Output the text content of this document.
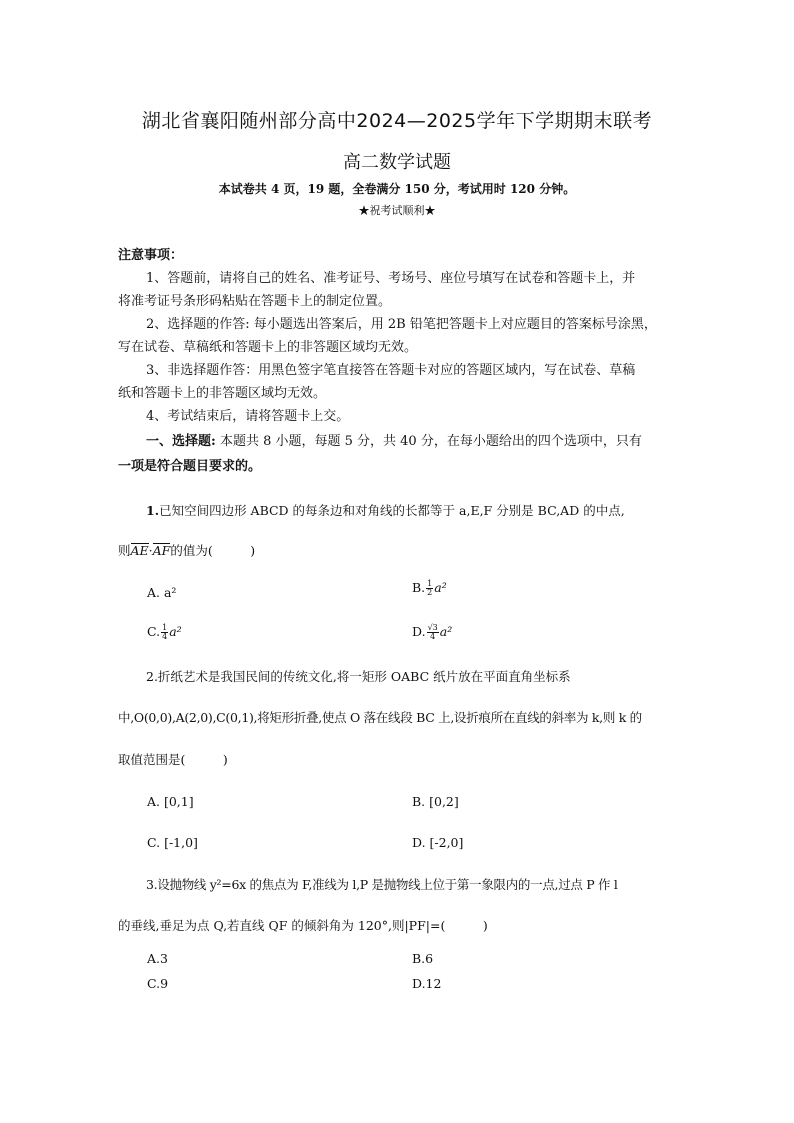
湖北省襄阳随州部分高中2024—2025学年下学期期末联考
高二数学试题
本试卷共 4 页，19 题，全卷满分 150 分，考试用时 120 分钟。
★祝考试顺利★
注意事项：
1、答题前，请将自己的姓名、准考证号、考场号、座位号填写在试卷和答题卡上，并
将准考证号条形码粘贴在答题卡上的制定位置。
2、选择题的作答: 每小题选出答案后，用 2B 铅笔把答题卡上对应题目的答案标号涂黑，
写在试卷、草稿纸和答题卡上的非答题区域均无效。
3、非选择题作答：用黑色签字笔直接答在答题卡对应的答题区域内，写在试卷、草稿
纸和答题卡上的非答题区域均无效。
4、考试结束后，请将答题卡上交。
一、选择题: 本题共 8 小题，每题 5 分，共 40 分，在每小题给出的四个选项中，只有
一项是符合题目要求的。
1.已知空间四边形 ABCD 的每条边和对角线的长都等于 a,E,F 分别是 BC,AD 的中点,
则AE·AF的值为(　　　)
A. a²	B. $\frac{1}{2} a^2$
C. $\frac{1}{4} a^2$	D. $\frac{√3}{4} a^2$
2.折纸艺术是我国民间的传统文化,将一矩形 OABC 纸片放在平面直角坐标系
中,O(0,0),A(2,0),C(0,1),将矩形折叠,使点 O 落在线段 BC 上,设折痕所在直线的斜率为 k,则 k 的
取值范围是(　　　)
A. [0,1]	B. [0,2]
C. [-1,0]	D. [-2,0]
3.设抛物线 y²=6x 的焦点为 F,准线为 l,P 是抛物线上位于第一象限内的一点,过点 P 作 l
的垂线,垂足为点 Q,若直线 QF 的倾斜角为 120°,则|PF|=(　　　)
A.3	B.6
C.9	D.12
